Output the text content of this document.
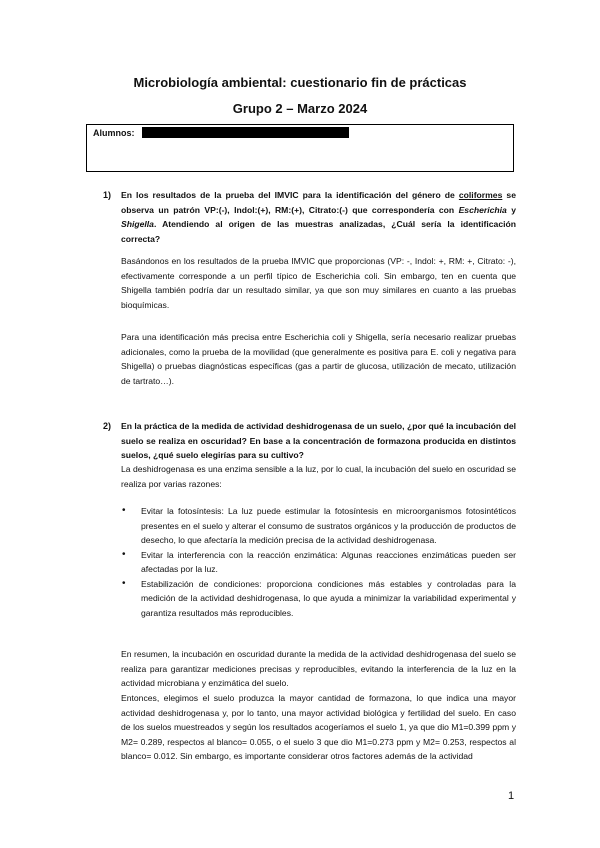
Microbiología ambiental: cuestionario fin de prácticas
Grupo 2 – Marzo 2024
Alumnos:
1) En los resultados de la prueba del IMVIC para la identificación del género de coliformes se observa un patrón VP:(-), Indol:(+), RM:(+), Citrato:(-) que correspondería con Escherichia y Shigella. Atendiendo al origen de las muestras analizadas, ¿Cuál sería la identificación correcta?

Basándonos en los resultados de la prueba IMVIC que proporcionas (VP: -, Indol: +, RM: +, Citrato: -), efectivamente corresponde a un perfil típico de Escherichia coli. Sin embargo, ten en cuenta que Shigella también podría dar un resultado similar, ya que son muy similares en cuanto a las pruebas bioquímicas.

Para una identificación más precisa entre Escherichia coli y Shigella, sería necesario realizar pruebas adicionales, como la prueba de la movilidad (que generalmente es positiva para E. coli y negativa para Shigella) o pruebas diagnósticas específicas (gas a partir de glucosa, utilización de mecato, utilización de tartrato…).

2) En la práctica de la medida de actividad deshidrogenasa de un suelo, ¿por qué la incubación del suelo se realiza en oscuridad? En base a la concentración de formazona producida en distintos suelos, ¿qué suelo elegirías para su cultivo?

La deshidrogenasa es una enzima sensible a la luz, por lo cual, la incubación del suelo en oscuridad se realiza por varias razones:

• Evitar la fotosíntesis: La luz puede estimular la fotosíntesis en microorganismos fotosintéticos presentes en el suelo y alterar el consumo de sustratos orgánicos y la producción de productos de desecho, lo que afectaría la medición precisa de la actividad deshidrogenasa.
• Evitar la interferencia con la reacción enzimática: Algunas reacciones enzimáticas pueden ser afectadas por la luz.
• Estabilización de condiciones: proporciona condiciones más estables y controladas para la medición de la actividad deshidrogenasa, lo que ayuda a minimizar la variabilidad experimental y garantiza resultados más reproducibles.

En resumen, la incubación en oscuridad durante la medida de la actividad deshidrogenasa del suelo se realiza para garantizar mediciones precisas y reproducibles, evitando la interferencia de la luz en la actividad microbiana y enzimática del suelo.

Entonces, elegimos el suelo produzca la mayor cantidad de formazona, lo que indica una mayor actividad deshidrogenasa y, por lo tanto, una mayor actividad biológica y fertilidad del suelo. En caso de los suelos muestreados y según los resultados acogeríamos el suelo 1, ya que dio M1=0.399 ppm y M2= 0.289, respectos al blanco= 0.055, o el suelo 3 que dio M1=0.273 ppm y M2= 0.253, respectos al blanco= 0.012. Sin embargo, es importante considerar otros factores además de la actividad

1
